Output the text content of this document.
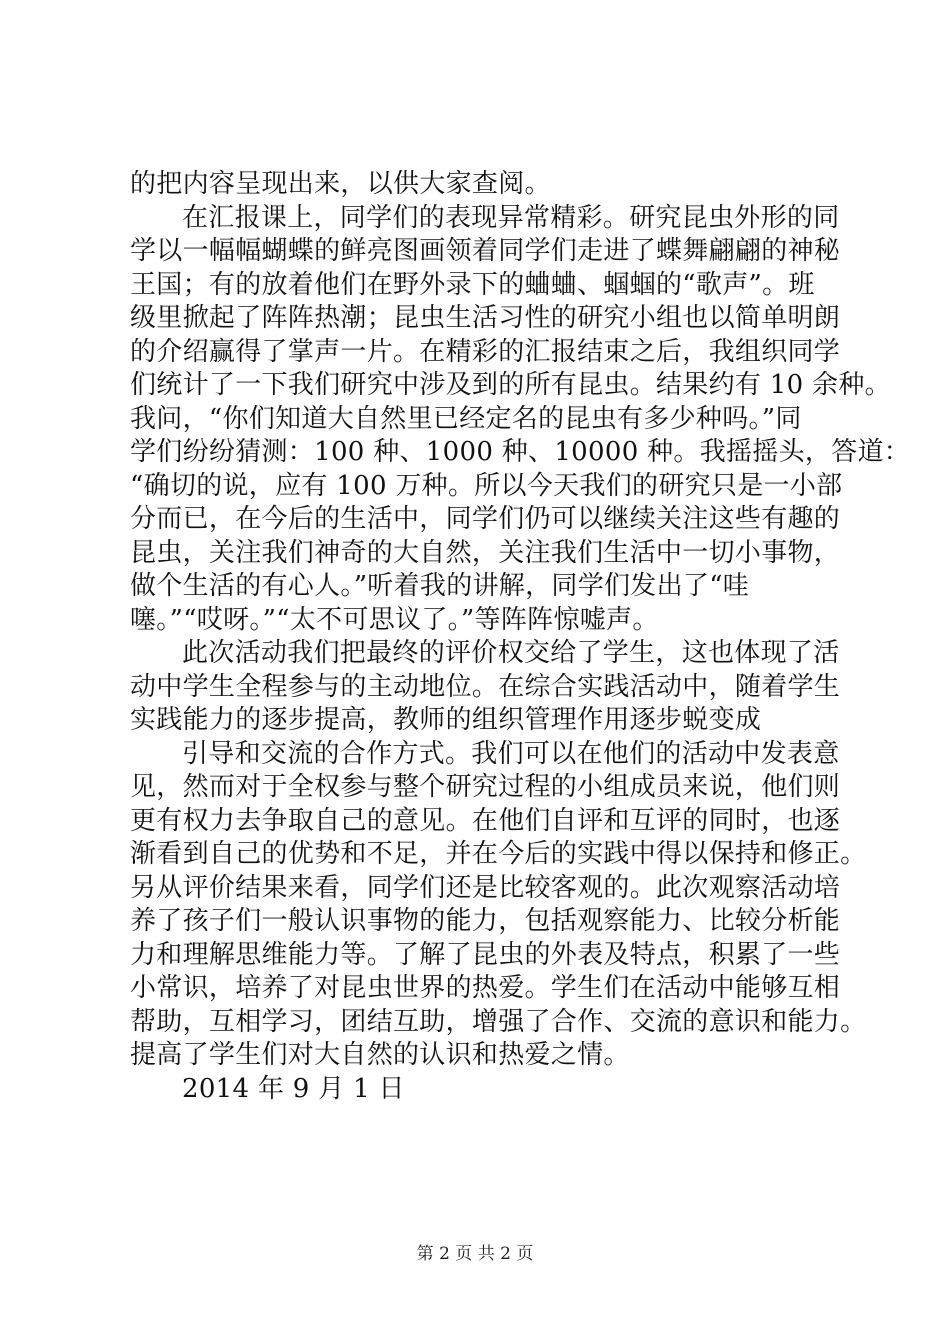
的把内容呈现出来，以供大家查阅。
在汇报课上，同学们的表现异常精彩。研究昆虫外形的同
学以一幅幅蝴蝶的鲜亮图画领着同学们走进了蝶舞翩翩的神秘
王国；有的放着他们在野外录下的蛐蛐、蝈蝈的“歌声”。班
级里掀起了阵阵热潮；昆虫生活习性的研究小组也以简单明朗
的介绍赢得了掌声一片。在精彩的汇报结束之后，我组织同学
们统计了一下我们研究中涉及到的所有昆虫。结果约有 10 余种。
我问，“你们知道大自然里已经定名的昆虫有多少种吗。”同
学们纷纷猜测：100 种、1000 种、10000 种。我摇摇头，答道：
“确切的说，应有 100 万种。所以今天我们的研究只是一小部
分而已，在今后的生活中，同学们仍可以继续关注这些有趣的
昆虫，关注我们神奇的大自然，关注我们生活中一切小事物，
做个生活的有心人。”听着我的讲解，同学们发出了“哇
噻。”“哎呀。”“太不可思议了。”等阵阵惊嘘声。
此次活动我们把最终的评价权交给了学生，这也体现了活
动中学生全程参与的主动地位。在综合实践活动中，随着学生
实践能力的逐步提高，教师的组织管理作用逐步蜕变成
引导和交流的合作方式。我们可以在他们的活动中发表意
见，然而对于全权参与整个研究过程的小组成员来说，他们则
更有权力去争取自己的意见。在他们自评和互评的同时，也逐
渐看到自己的优势和不足，并在今后的实践中得以保持和修正。
另从评价结果来看，同学们还是比较客观的。此次观察活动培
养了孩子们一般认识事物的能力，包括观察能力、比较分析能
力和理解思维能力等。了解了昆虫的外表及特点，积累了一些
小常识，培养了对昆虫世界的热爱。学生们在活动中能够互相
帮助，互相学习，团结互助，增强了合作、交流的意识和能力。
提高了学生们对大自然的认识和热爱之情。
2014 年 9 月 1 日
第 2 页 共 2 页
